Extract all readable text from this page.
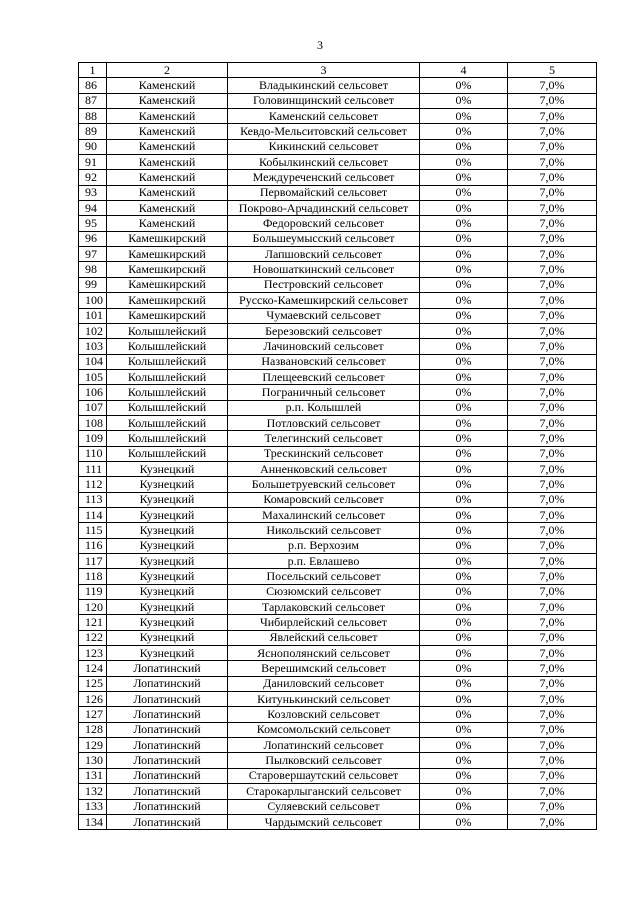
3
1	2	3	4	5
86	Каменский	Владыкинский сельсовет	0%	7,0%
87	Каменский	Головинщинский сельсовет	0%	7,0%
88	Каменский	Каменский сельсовет	0%	7,0%
89	Каменский	Кевдо-Мельситовский сельсовет	0%	7,0%
90	Каменский	Кикинский сельсовет	0%	7,0%
91	Каменский	Кобылкинский сельсовет	0%	7,0%
92	Каменский	Междуреченский сельсовет	0%	7,0%
93	Каменский	Первомайский сельсовет	0%	7,0%
94	Каменский	Покрово-Арчадинский сельсовет	0%	7,0%
95	Каменский	Федоровский сельсовет	0%	7,0%
96	Камешкирский	Большеумысский сельсовет	0%	7,0%
97	Камешкирский	Лапшовский сельсовет	0%	7,0%
98	Камешкирский	Новошаткинский сельсовет	0%	7,0%
99	Камешкирский	Пестровский сельсовет	0%	7,0%
100	Камешкирский	Русско-Камешкирский сельсовет	0%	7,0%
101	Камешкирский	Чумаевский сельсовет	0%	7,0%
102	Колышлейский	Березовский сельсовет	0%	7,0%
103	Колышлейский	Лачиновский сельсовет	0%	7,0%
104	Колышлейский	Названовский сельсовет	0%	7,0%
105	Колышлейский	Плещеевский сельсовет	0%	7,0%
106	Колышлейский	Пограничный сельсовет	0%	7,0%
107	Колышлейский	р.п. Колышлей	0%	7,0%
108	Колышлейский	Потловский сельсовет	0%	7,0%
109	Колышлейский	Телегинский сельсовет	0%	7,0%
110	Колышлейский	Трескинский сельсовет	0%	7,0%
111	Кузнецкий	Анненковский сельсовет	0%	7,0%
112	Кузнецкий	Большетруевский сельсовет	0%	7,0%
113	Кузнецкий	Комаровский сельсовет	0%	7,0%
114	Кузнецкий	Махалинский сельсовет	0%	7,0%
115	Кузнецкий	Никольский сельсовет	0%	7,0%
116	Кузнецкий	р.п. Верхозим	0%	7,0%
117	Кузнецкий	р.п. Евлашево	0%	7,0%
118	Кузнецкий	Посельский сельсовет	0%	7,0%
119	Кузнецкий	Сюзюмский сельсовет	0%	7,0%
120	Кузнецкий	Тарлаковский сельсовет	0%	7,0%
121	Кузнецкий	Чибирлейский сельсовет	0%	7,0%
122	Кузнецкий	Явлейский сельсовет	0%	7,0%
123	Кузнецкий	Яснополянский сельсовет	0%	7,0%
124	Лопатинский	Верешимский сельсовет	0%	7,0%
125	Лопатинский	Даниловский сельсовет	0%	7,0%
126	Лопатинский	Китунькинский сельсовет	0%	7,0%
127	Лопатинский	Козловский сельсовет	0%	7,0%
128	Лопатинский	Комсомольский сельсовет	0%	7,0%
129	Лопатинский	Лопатинский сельсовет	0%	7,0%
130	Лопатинский	Пылковский сельсовет	0%	7,0%
131	Лопатинский	Старовершаутский сельсовет	0%	7,0%
132	Лопатинский	Старокарлыганский сельсовет	0%	7,0%
133	Лопатинский	Суляевский сельсовет	0%	7,0%
134	Лопатинский	Чардымский сельсовет	0%	7,0%
